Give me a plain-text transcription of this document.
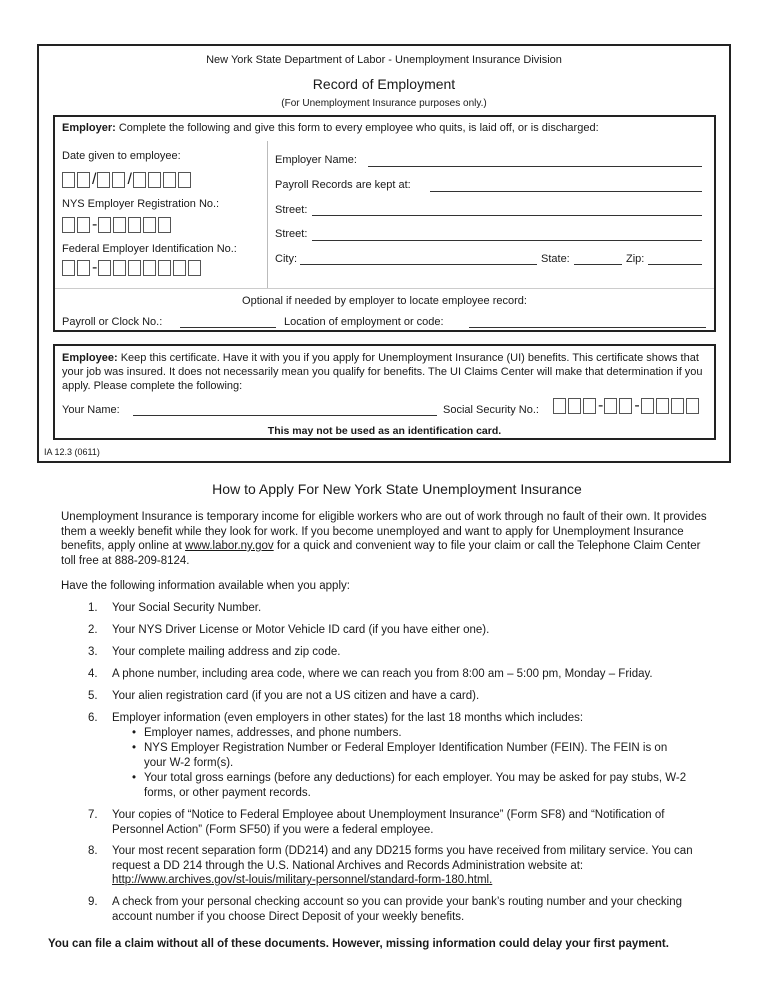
New York State Department of Labor - Unemployment Insurance Division
Record of Employment
(For Unemployment Insurance purposes only.)
Employer: Complete the following and give this form to every employee who quits, is laid off, or is discharged:
Date given to employee:
/ /
NYS Employer Registration No.:
-
Federal Employer Identification No.:
-
Employer Name:
Payroll Records are kept at:
Street:
Street:
City:	State:	Zip:
Optional if needed by employer to locate employee record:
Payroll or Clock No.:	Location of employment or code:
Employee: Keep this certificate. Have it with you if you apply for Unemployment Insurance (UI) benefits. This certificate shows that your job was insured. It does not necessarily mean you qualify for benefits. The UI Claims Center will make that determination if you apply. Please complete the following:
Your Name:	Social Security No.:	- -
This may not be used as an identification card.
IA 12.3 (0611)
How to Apply For New York State Unemployment Insurance
Unemployment Insurance is temporary income for eligible workers who are out of work through no fault of their own. It provides them a weekly benefit while they look for work. If you become unemployed and want to apply for Unemployment Insurance benefits, apply online at www.labor.ny.gov for a quick and convenient way to file your claim or call the Telephone Claim Center toll free at 888-209-8124.
Have the following information available when you apply:
1. Your Social Security Number.
2. Your NYS Driver License or Motor Vehicle ID card (if you have either one).
3. Your complete mailing address and zip code.
4. A phone number, including area code, where we can reach you from 8:00 am – 5:00 pm, Monday – Friday.
5. Your alien registration card (if you are not a US citizen and have a card).
6. Employer information (even employers in other states) for the last 18 months which includes:
• Employer names, addresses, and phone numbers.
• NYS Employer Registration Number or Federal Employer Identification Number (FEIN). The FEIN is on your W-2 form(s).
• Your total gross earnings (before any deductions) for each employer. You may be asked for pay stubs, W-2 forms, or other payment records.
7. Your copies of “Notice to Federal Employee about Unemployment Insurance” (Form SF8) and “Notification of Personnel Action” (Form SF50) if you were a federal employee.
8. Your most recent separation form (DD214) and any DD215 forms you have received from military service. You can request a DD 214 through the U.S. National Archives and Records Administration website at:
http://www.archives.gov/st-louis/military-personnel/standard-form-180.html.
9. A check from your personal checking account so you can provide your bank’s routing number and your checking account number if you choose Direct Deposit of your weekly benefits.
You can file a claim without all of these documents. However, missing information could delay your first payment.
